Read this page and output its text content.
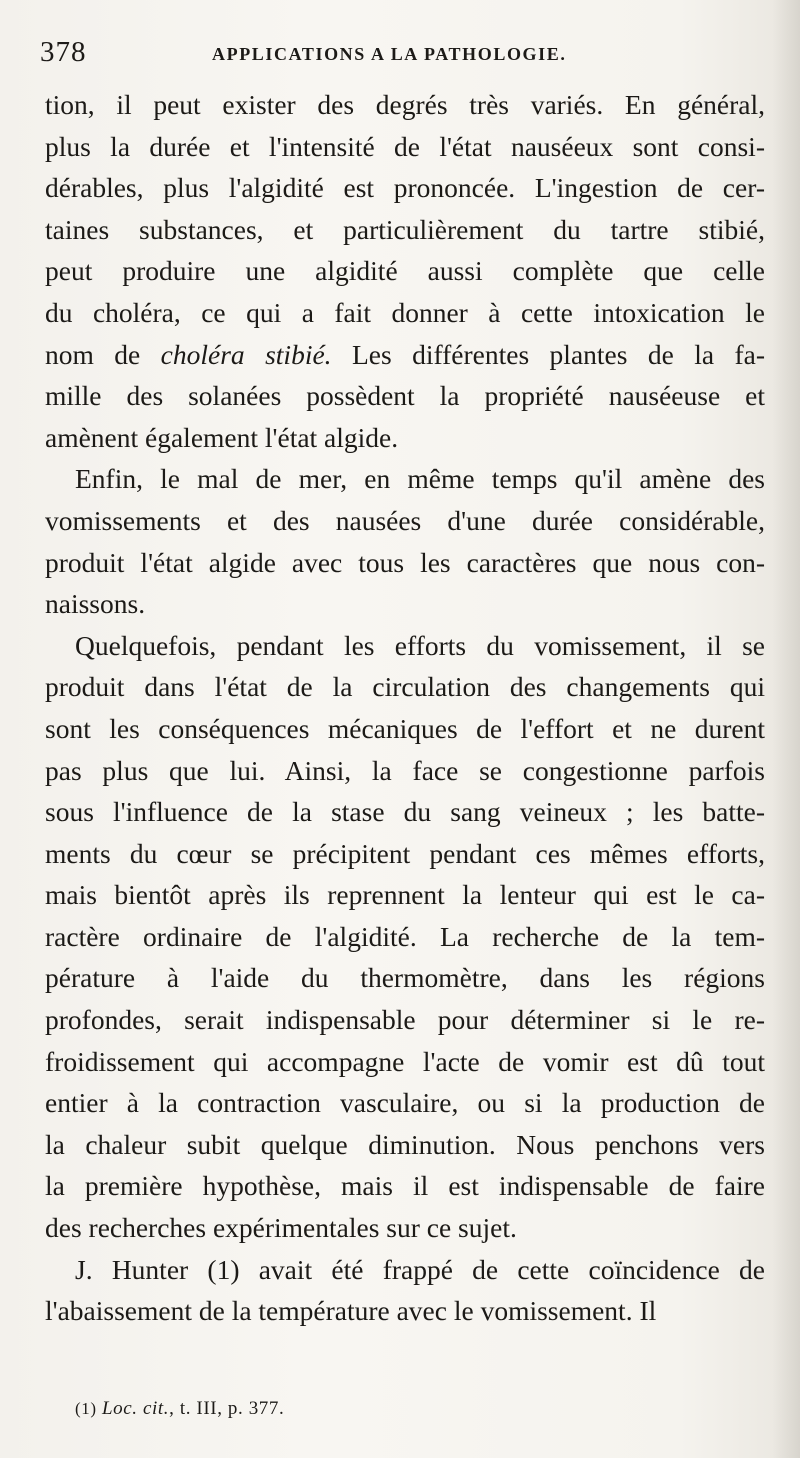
378	APPLICATIONS A LA PATHOLOGIE.
tion, il peut exister des degrés très variés. En général,
plus la durée et l'intensité de l'état nauséeux sont consi-
dérables, plus l'algidité est prononcée. L'ingestion de cer-
taines substances, et particulièrement du tartre stibié,
peut produire une algidité aussi complète que celle
du choléra, ce qui a fait donner à cette intoxication le
nom de choléra stibié. Les différentes plantes de la fa-
mille des solanées possèdent la propriété nauséeuse et
amènent également l'état algide.
Enfin, le mal de mer, en même temps qu'il amène des
vomissements et des nausées d'une durée considérable,
produit l'état algide avec tous les caractères que nous con-
naissons.
Quelquefois, pendant les efforts du vomissement, il se
produit dans l'état de la circulation des changements qui
sont les conséquences mécaniques de l'effort et ne durent
pas plus que lui. Ainsi, la face se congestionne parfois
sous l'influence de la stase du sang veineux ; les batte-
ments du cœur se précipitent pendant ces mêmes efforts,
mais bientôt après ils reprennent la lenteur qui est le ca-
ractère ordinaire de l'algidité. La recherche de la tem-
pérature à l'aide du thermomètre, dans les régions
profondes, serait indispensable pour déterminer si le re-
froidissement qui accompagne l'acte de vomir est dû tout
entier à la contraction vasculaire, ou si la production de
la chaleur subit quelque diminution. Nous penchons vers
la première hypothèse, mais il est indispensable de faire
des recherches expérimentales sur ce sujet.
J. Hunter (1) avait été frappé de cette coïncidence de
l'abaissement de la température avec le vomissement. Il
(1) Loc. cit., t. III, p. 377.
